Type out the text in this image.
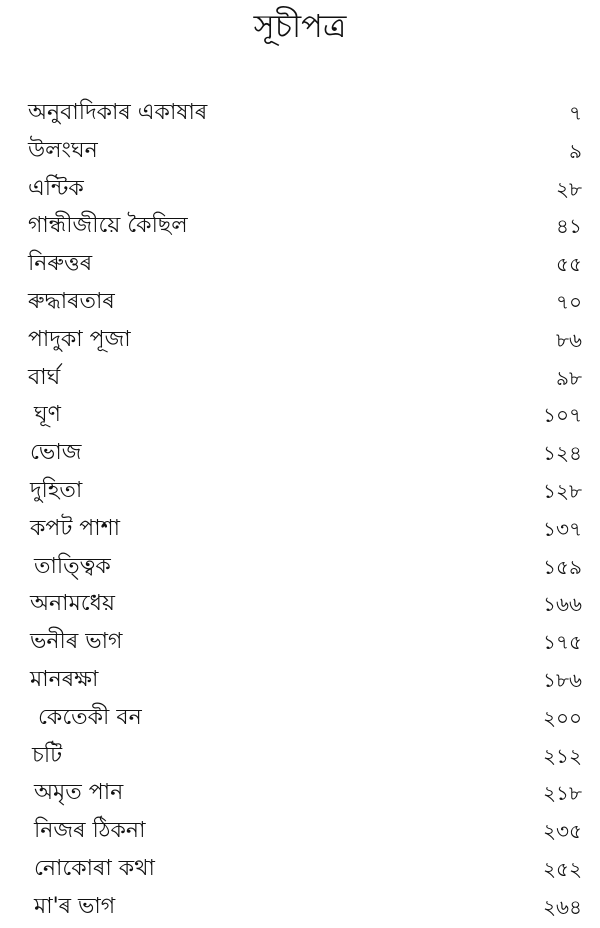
সূচীপত্ৰ
অনুবাদিকাৰ একাষাৰ	৭
উলংঘন	৯
এন্টিক	২৮
গান্ধীজীয়ে কৈছিল	৪১
নিৰুত্তৰ	৫৫
ৰুদ্ধাৰতাৰ	৭০
পাদুকা পূজা	৮৬
বাৰ্ঘ	৯৮
ঘূণ	১০৭
ভোজ	১২৪
দুহিতা	১২৮
কপট পাশা	১৩৭
তাত্ত্বিক	১৫৯
অনামধেয়	১৬৬
ভনীৰ ভাগ	১৭৫
মানৰক্ষা	১৮৬
কেতেকী বন	২০০
চটি	২১২
অমৃত পান	২১৮
নিজৰ ঠিকনা	২৩৫
নোকোৰা কথা	২৫২
মা'ৰ ভাগ	২৬৪
